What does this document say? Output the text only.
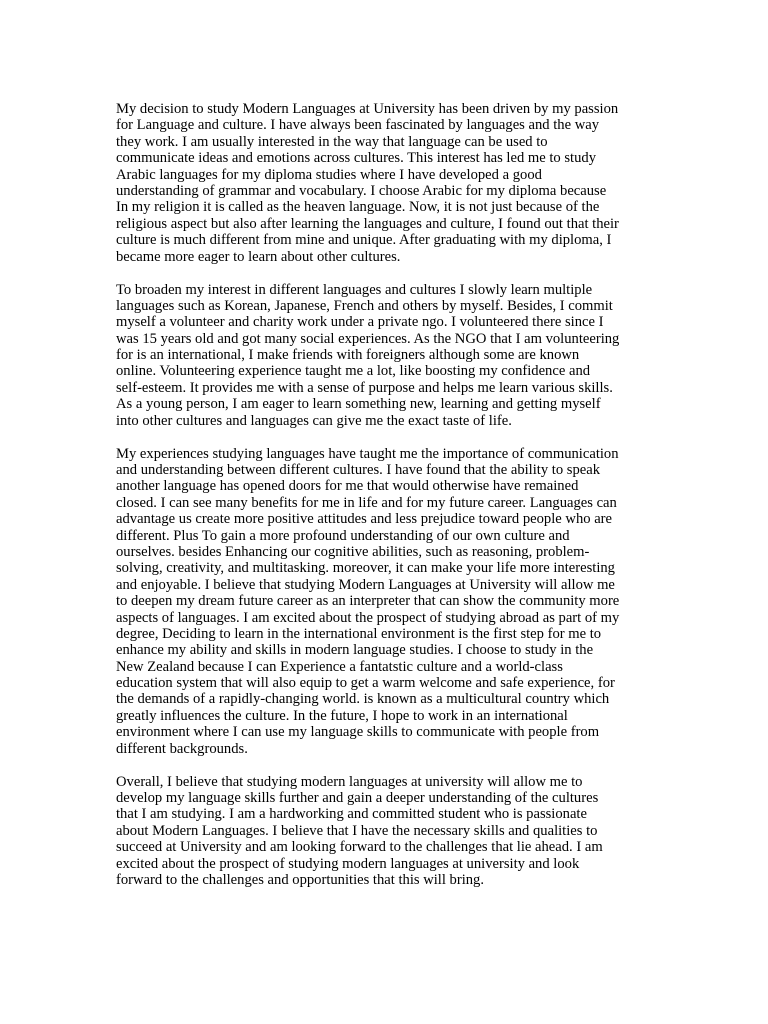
My decision to study Modern Languages at University has been driven by my passion
for Language and culture. I have always been fascinated by languages and the way
they work. I am usually interested in the way that language can be used to
communicate ideas and emotions across cultures. This interest has led me to study
Arabic languages for my diploma studies where I have developed a good
understanding of grammar and vocabulary. I choose Arabic for my diploma because
In my religion it is called as the heaven language. Now, it is not just because of the
religious aspect but also after learning the languages and culture, I found out that their
culture is much different from mine and unique. After graduating with my diploma, I
became more eager to learn about other cultures.
To broaden my interest in different languages and cultures I slowly learn multiple
languages such as Korean, Japanese, French and others by myself. Besides, I commit
myself a volunteer and charity work under a private ngo. I volunteered there since I
was 15 years old and got many social experiences. As the NGO that I am volunteering
for is an international, I make friends with foreigners although some are known
online. Volunteering experience taught me a lot, like boosting my confidence and
self-esteem. It provides me with a sense of purpose and helps me learn various skills.
As a young person, I am eager to learn something new, learning and getting myself
into other cultures and languages can give me the exact taste of life.
My experiences studying languages have taught me the importance of communication
and understanding between different cultures. I have found that the ability to speak
another language has opened doors for me that would otherwise have remained
closed. I can see many benefits for me in life and for my future career. Languages can
advantage us create more positive attitudes and less prejudice toward people who are
different. Plus To gain a more profound understanding of our own culture and
ourselves. besides Enhancing our cognitive abilities, such as reasoning, problem-
solving, creativity, and multitasking. moreover, it can make your life more interesting
and enjoyable. I believe that studying Modern Languages at University will allow me
to deepen my dream future career as an interpreter that can show the community more
aspects of languages. I am excited about the prospect of studying abroad as part of my
degree, Deciding to learn in the international environment is the first step for me to
enhance my ability and skills in modern language studies. I choose to study in the
New Zealand because I can Experience a fantatstic culture and a world-class
education system that will also equip to get a warm welcome and safe experience, for
the demands of a rapidly-changing world. is known as a multicultural country which
greatly influences the culture. In the future, I hope to work in an international
environment where I can use my language skills to communicate with people from
different backgrounds.
Overall, I believe that studying modern languages at university will allow me to
develop my language skills further and gain a deeper understanding of the cultures
that I am studying. I am a hardworking and committed student who is passionate
about Modern Languages. I believe that I have the necessary skills and qualities to
succeed at University and am looking forward to the challenges that lie ahead. I am
excited about the prospect of studying modern languages at university and look
forward to the challenges and opportunities that this will bring.
